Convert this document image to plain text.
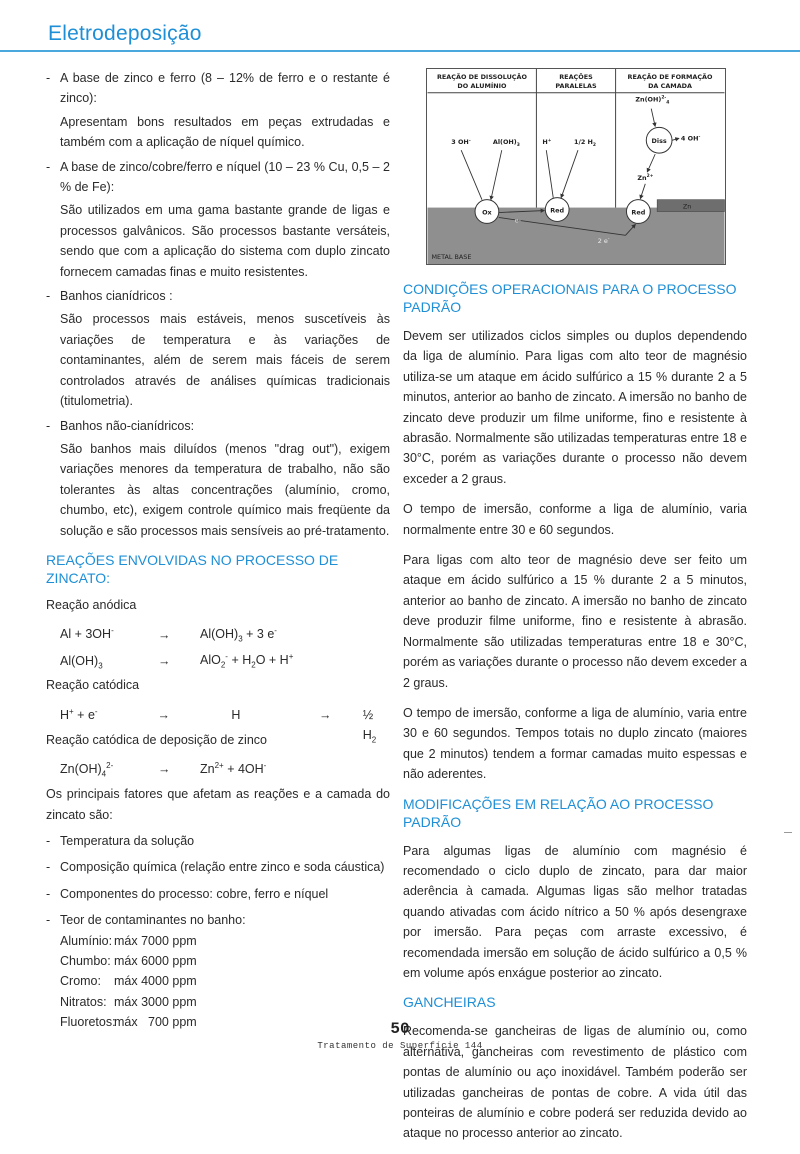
Eletrodeposição
- A base de zinco e ferro (8 – 12% de ferro e o restante é zinco):
Apresentam bons resultados em peças extrudadas e também com a aplicação de níquel químico.
- A base de zinco/cobre/ferro e níquel (10 – 23 % Cu, 0,5 – 2 % de Fe):
São utilizados em uma gama bastante grande de ligas e processos galvânicos. São processos bastante versáteis, sendo que com a aplicação do sistema com duplo zincato fornecem camadas finas e muito resistentes.
- Banhos cianídricos :
São processos mais estáveis, menos suscetíveis às variações de temperatura e às variações de contaminantes, além de serem mais fáceis de serem controlados através de análises químicas tradicionais (titulometria).
- Banhos não-cianídricos:
São banhos mais diluídos (menos "drag out"), exigem variações menores da temperatura de trabalho, não são tolerantes às altas concentrações (alumínio, cromo, chumbo, etc), exigem controle químico mais freqüente da solução e são processos mais sensíveis ao pré-tratamento.
REAÇÕES ENVOLVIDAS NO PROCESSO DE ZINCATO:
Reação anódica
Al + 3OH-	→	$Al(OH)_3 + 3$ e-
$Al(OH)_3$	→	$AlO_2^- + H_2O + H^+$
Reação catódica
H+ + e-	→	H	→	½ $H_2$
Reação catódica de deposição de zinco
$Zn(OH)_4^{2-}$	→	$Zn^{2+} + 4OH^-$
Os principais fatores que afetam as reações e a camada do zincato são:
- Temperatura da solução
- Composição química (relação entre zinco e soda cáustica)
- Componentes do processo: cobre, ferro e níquel
- Teor de contaminantes no banho:
Alumínio: máx 7000 ppm
Chumbo: máx 6000 ppm
Cromo:	máx 4000 ppm
Nitratos: máx 3000 ppm
Fluoretos:
máx   700 ppm
REAÇÃO DE DISSOLUÇÃO
DO ALUMÍNIO
REAÇÕES
PARALELAS
REAÇÃO DE FORMAÇÃO
DA CAMADA
3 OH-	$Al(OH)_3$	H+	1/2 $H_2$
Zn(OH)$^{2-}_4$
4 OH-
$Zn^{2+}$
Ox	Red
Diss
Red
e-
2 e-
Zn
METAL BASE
CONDIÇÕES OPERACIONAIS PARA O PROCESSO PADRÃO

Devem ser utilizados ciclos simples ou duplos dependendo da liga de alumínio. Para ligas com alto teor de magnésio utiliza-se um ataque em ácido sulfúrico a 15 % durante 2 a 5 minutos, anterior ao banho de zincato. A imersão no banho de zincato deve produzir um filme uniforme, fino e resistente à abrasão. Normalmente são utilizadas temperaturas entre 18 e 30°C, porém as variações durante o processo não devem exceder a 2 graus.

O tempo de imersão, conforme a liga de alumínio, varia normalmente entre 30 e 60 segundos.

Para ligas com alto teor de magnésio deve ser feito um ataque em ácido sulfúrico a 15 % durante 2 a 5 minutos, anterior ao banho de zincato. A imersão no banho de zincato deve produzir filme uniforme, fino e resistente à abrasão. Normalmente são utilizadas temperaturas entre 18 e 30°C, porém as variações durante o processo não devem exceder a 2 graus.

O tempo de imersão, conforme a liga de alumínio, varia entre 30 e 60 segundos. Tempos totais no duplo zincato (maiores que 2 minutos) tendem a formar camadas muito espessas e não aderentes.

MODIFICAÇÕES EM RELAÇÃO AO PROCESSO PADRÃO

Para algumas ligas de alumínio com magnésio é recomendado o ciclo duplo de zincato, para dar maior aderência à camada. Algumas ligas são melhor tratadas quando ativadas com ácido nítrico a 50 % após desengraxe por imersão. Para peças com arraste excessivo, é recomendada imersão em solução de ácido sulfúrico a 0,5 % em volume após enxágue posterior ao zincato.

GANCHEIRAS

Recomenda-se gancheiras de ligas de alumínio ou, como alternativa, gancheiras com revestimento de plástico com pontas de alumínio ou aço inoxidável. Também poderão ser utilizadas gancheiras de pontas de cobre. A vida útil das ponteiras de alumínio e cobre poderá ser reduzida devido ao ataque no processo anterior ao zincato.

50
Tratamento de Superfície 144
